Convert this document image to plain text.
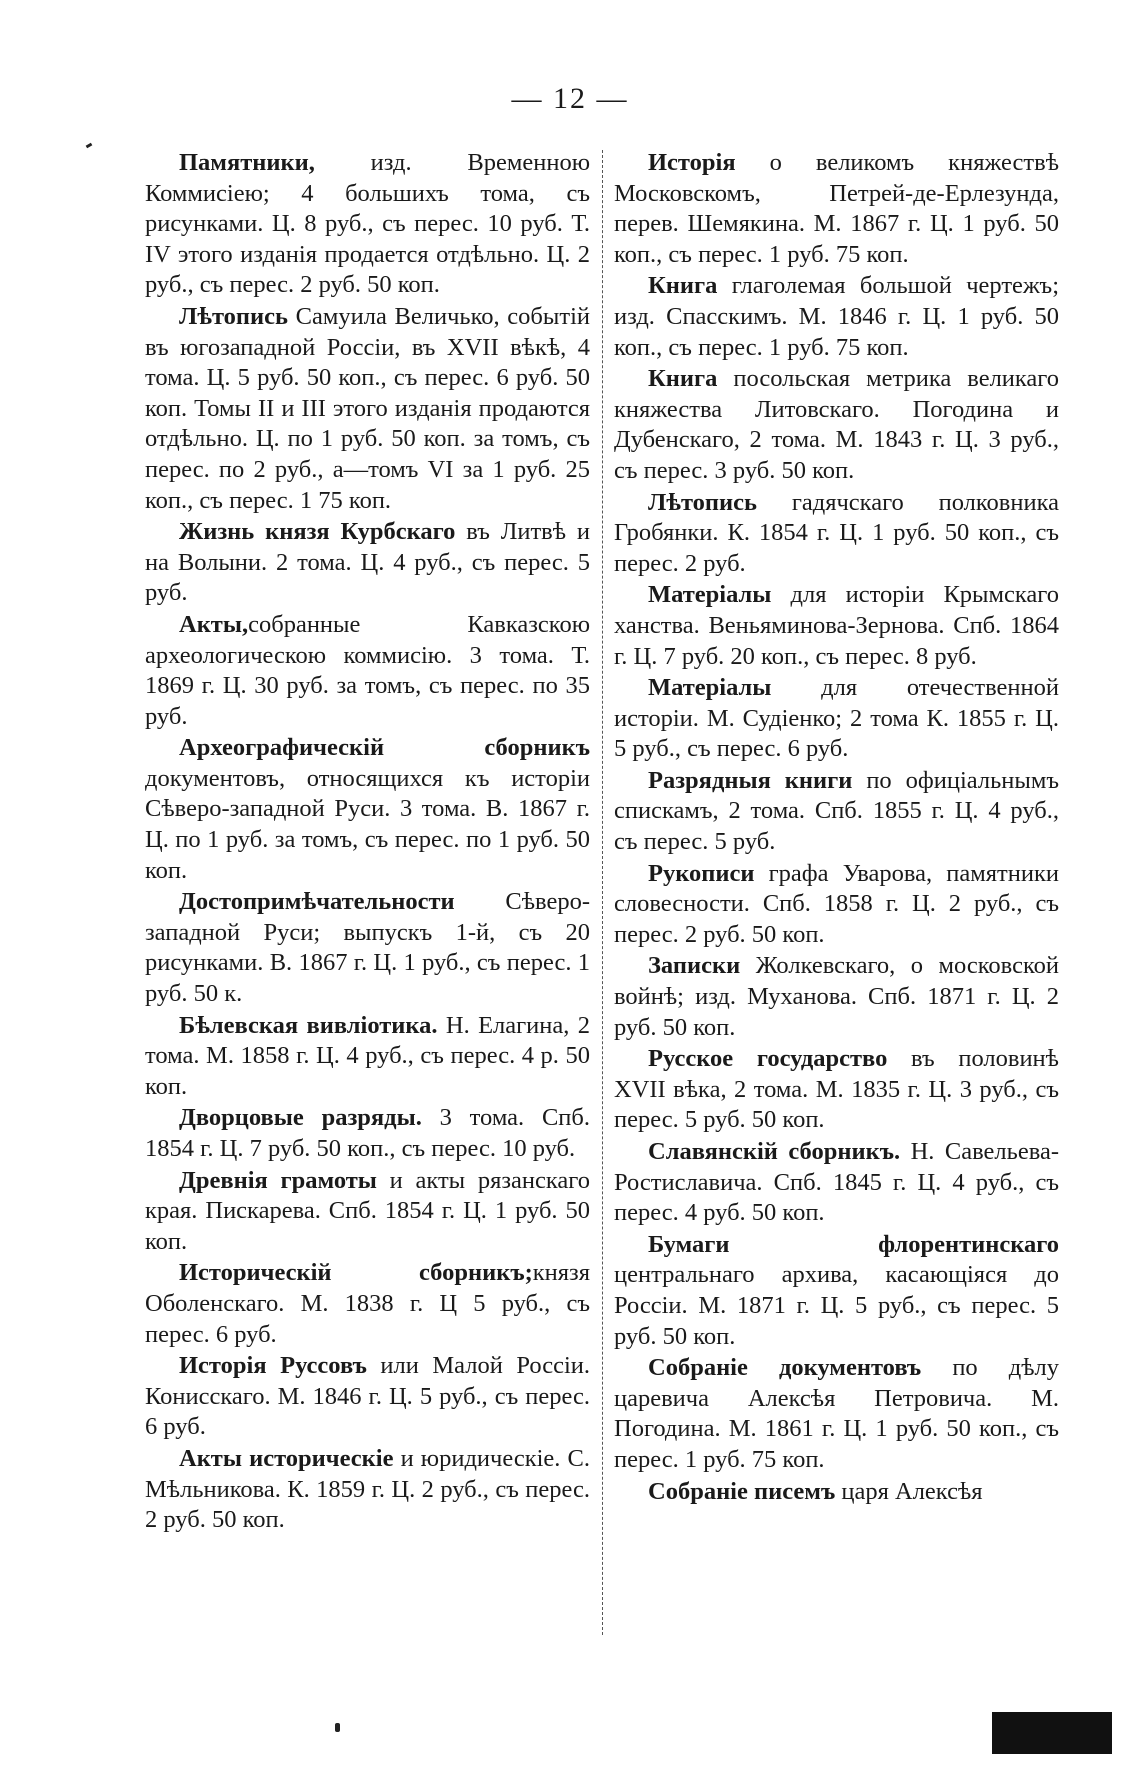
— 12 —

Памятники, изд. Временною Коммисіею; 4 большихъ тома, съ рисунками. Ц. 8 руб., съ перес. 10 руб. Т. IV этого изданія продается отдѣльно. Ц. 2 руб., съ перес. 2 руб. 50 коп.

Лѣтопись Самуила Величько, событій въ югозападной Россіи, въ XVII вѣкѣ, 4 тома. Ц. 5 руб. 50 коп., съ перес. 6 руб. 50 коп. Томы II и III этого изданія продаются отдѣльно. Ц. по 1 руб. 50 коп. за томъ, съ перес. по 2 руб., а—томъ VI за 1 руб. 25 коп., съ перес. 1 75 коп.

Жизнь князя Курбскаго въ Литвѣ и на Волыни. 2 тома. Ц. 4 руб., съ перес. 5 руб.

Акты,собранные Кавказскою археологическою коммисію. 3 тома. Т. 1869 г. Ц. 30 руб. за томъ, съ перес. по 35 руб.

Археографическій сборникъ документовъ, относящихся къ исторіи Сѣверо-западной Руси. 3 тома. В. 1867 г. Ц. по 1 руб. за томъ, съ перес. по 1 руб. 50 коп.

Достопримѣчательности Сѣверо-западной Руси; выпускъ 1-й, съ 20 рисунками. В. 1867 г. Ц. 1 руб., съ перес. 1 руб. 50 к.

Бѣлевская вивліотика. Н. Елагина, 2 тома. М. 1858 г. Ц. 4 руб., съ перес. 4 р. 50 коп.

Дворцовые разряды. 3 тома. Спб. 1854 г. Ц. 7 руб. 50 коп., съ перес. 10 руб.

Древнія грамоты и акты рязанскаго края. Пискарева. Спб. 1854 г. Ц. 1 руб. 50 коп.

Историческій сборникъ;князя Оболенскаго. М. 1838 г. Ц 5 руб., съ перес. 6 руб.

Исторія Руссовъ или Малой Россіи. Конисскаго. М. 1846 г. Ц. 5 руб., съ перес. 6 руб.

Акты историческіе и юридическіе. С. Мѣльникова. К. 1859 г. Ц. 2 руб., съ перес. 2 руб. 50 коп.

Исторія о великомъ княжествѣ Московскомъ, Петрей-де-Ерлезунда, перев. Шемякина. М. 1867 г. Ц. 1 руб. 50 коп., съ перес. 1 руб. 75 коп.

Книга глаголемая большой чертежъ; изд. Спасскимъ. М. 1846 г. Ц. 1 руб. 50 коп., съ перес. 1 руб. 75 коп.

Книга посольская метрика великаго княжества Литовскаго. Погодина и Дубенскаго, 2 тома. М. 1843 г. Ц. 3 руб., съ перес. 3 руб. 50 коп.

Лѣтопись гадячскаго полковника Гробянки. К. 1854 г. Ц. 1 руб. 50 коп., съ перес. 2 руб.

Матеріалы для исторіи Крымскаго ханства. Веньяминова-Зернова. Спб. 1864 г. Ц. 7 руб. 20 коп., съ перес. 8 руб.

Матеріалы для отечественной исторіи. М. Судіенко; 2 тома К. 1855 г. Ц. 5 руб., съ перес. 6 руб.

Разрядныя книги по офиціальнымъ спискамъ, 2 тома. Спб. 1855 г. Ц. 4 руб., съ перес. 5 руб.

Рукописи графа Уварова, памятники словесности. Спб. 1858 г. Ц. 2 руб., съ перес. 2 руб. 50 коп.

Записки Жолкевскаго, о московской войнѣ; изд. Муханова. Спб. 1871 г. Ц. 2 руб. 50 коп.

Русское государство въ половинѣ XVII вѣка, 2 тома. М. 1835 г. Ц. 3 руб., съ перес. 5 руб. 50 коп.

Славянскій сборникъ. Н. Савельева-Ростиславича. Спб. 1845 г. Ц. 4 руб., съ перес. 4 руб. 50 коп.

Бумаги флорентинскаго центральнаго архива, касающіяся до Россіи. М. 1871 г. Ц. 5 руб., съ перес. 5 руб. 50 коп.

Собраніе документовъ по дѣлу царевича Алексѣя Петровича. М. Погодина. М. 1861 г. Ц. 1 руб. 50 коп., съ перес. 1 руб. 75 коп.

Собраніе писемъ царя Алексѣя
